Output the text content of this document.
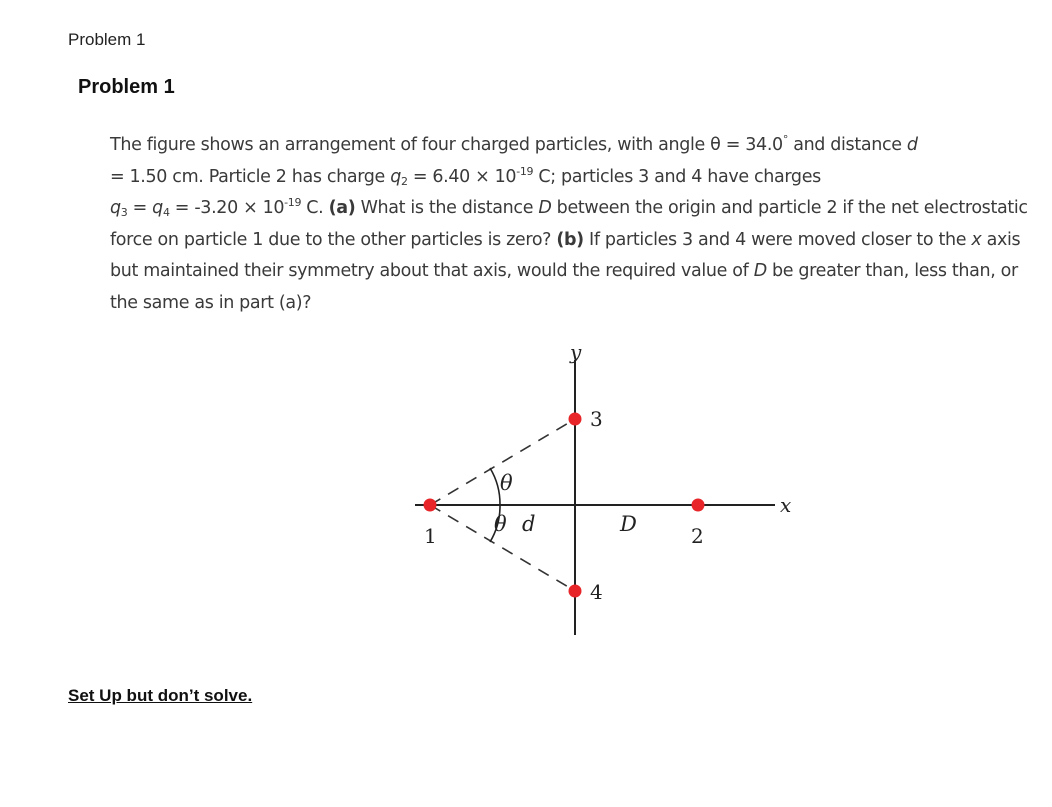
Problem 1
Problem 1
The figure shows an arrangement of four charged particles, with angle θ = 34.0° and distance d
= 1.50 cm. Particle 2 has charge $q_2 = 6.40 \times 10^{-19}$ C; particles 3 and 4 have charges
$q_3 = q_4 = -3.20 \times 10^{-19}$ C. (a) What is the distance D between the origin and particle 2 if the net electrostatic force on particle 1 due to the other particles is zero? (b) If particles 3 and 4 were moved closer to the x axis but maintained their symmetry about that axis, would the required value of D be greater than, less than, or the same as in part (a)?
y
x
θ
θ d	D
1	2
3
4
Set Up but don’t solve.
